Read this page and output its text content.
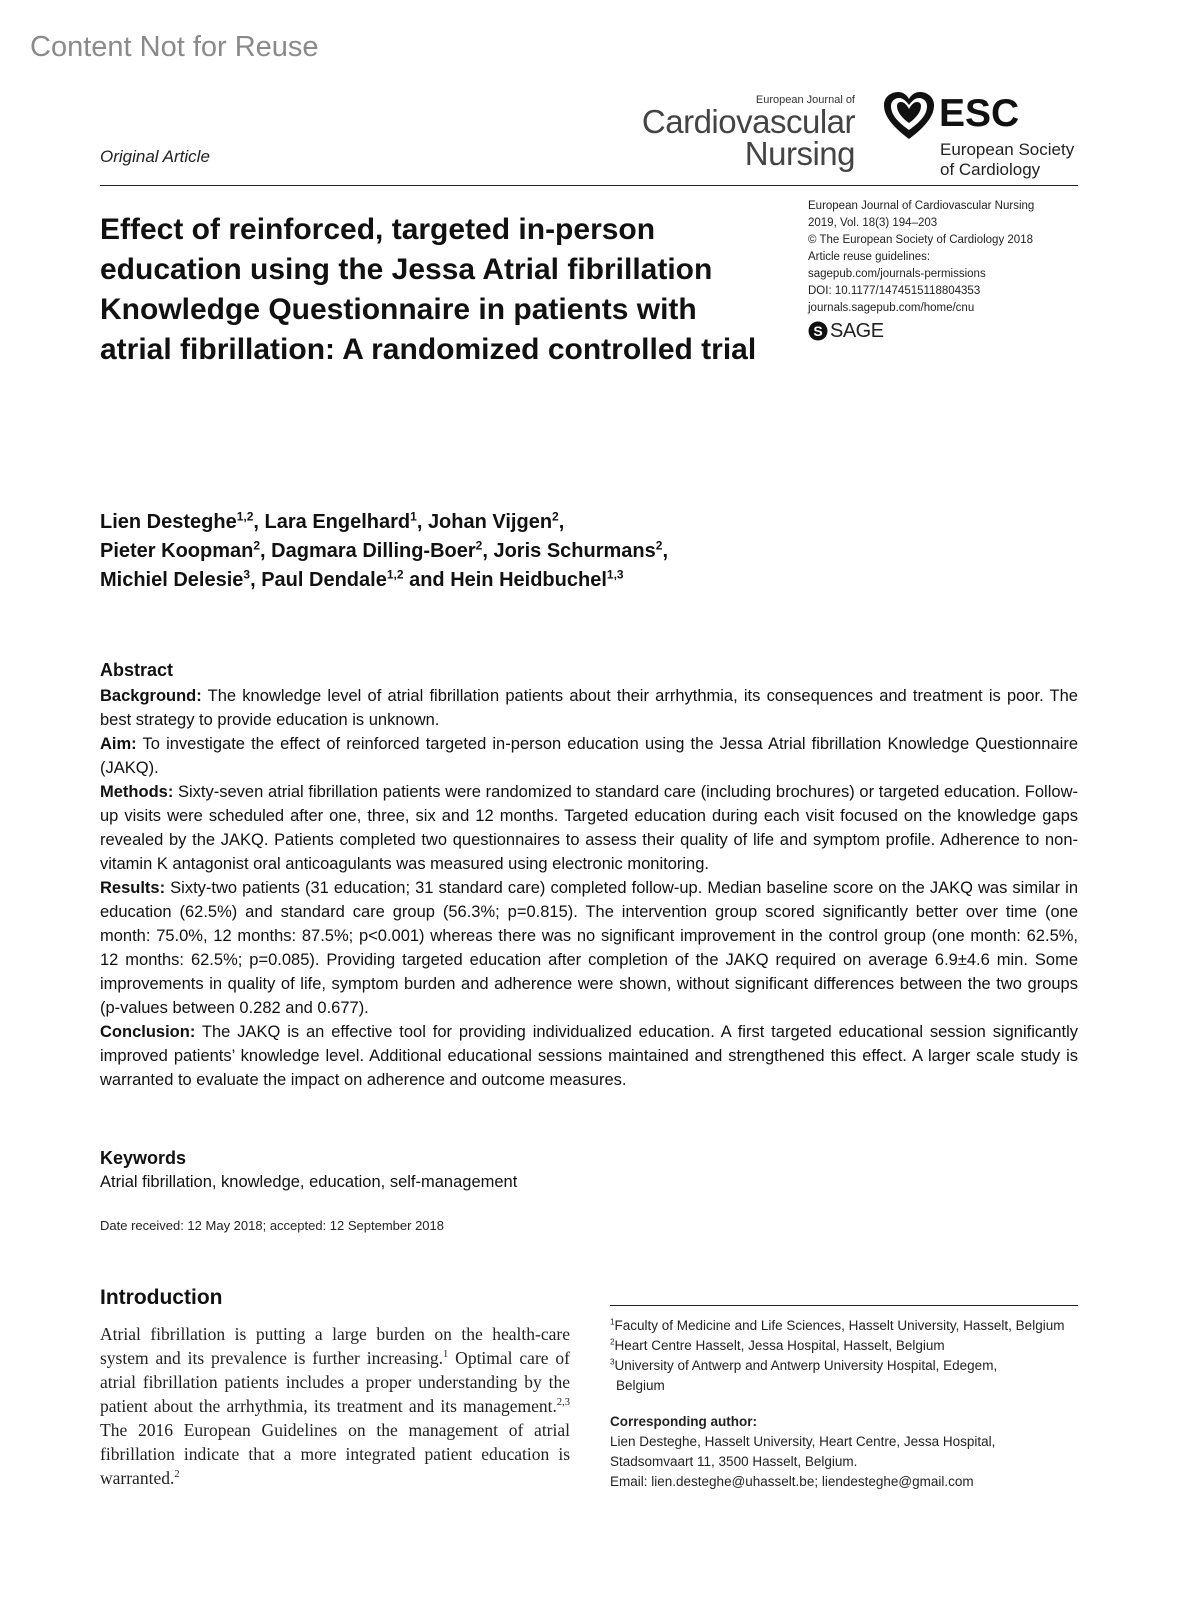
Content Not for Reuse
European Journal of
Cardiovascular
Nursing
ESC
European Society
of Cardiology
Original Article
European Journal of Cardiovascular Nursing
2019, Vol. 18(3) 194–203
© The European Society of Cardiology 2018
Article reuse guidelines:
sagepub.com/journals-permissions
DOI: 10.1177/1474515118804353
journals.sagepub.com/home/cnu
S SAGE
Effect of reinforced, targeted in-person education using the Jessa Atrial fibrillation Knowledge Questionnaire in patients with atrial fibrillation: A randomized controlled trial
Lien Desteghe$^{1,2}$, Lara Engelhard$^1$, Johan Vijgen$^2$,
Pieter Koopman$^2$, Dagmara Dilling-Boer$^2$, Joris Schurmans$^2$,
Michiel Delesie$^3$, Paul Dendale$^{1,2}$ and Hein Heidbuchel$^{1,3}$
Abstract

Background: The knowledge level of atrial fibrillation patients about their arrhythmia, its consequences and treatment is poor. The best strategy to provide education is unknown.

Aim: To investigate the effect of reinforced targeted in-person education using the Jessa Atrial fibrillation Knowledge Questionnaire (JAKQ).

Methods: Sixty-seven atrial fibrillation patients were randomized to standard care (including brochures) or targeted education. Follow-up visits were scheduled after one, three, six and 12 months. Targeted education during each visit focused on the knowledge gaps revealed by the JAKQ. Patients completed two questionnaires to assess their quality of life and symptom profile. Adherence to non-vitamin K antagonist oral anticoagulants was measured using electronic monitoring.

Results: Sixty-two patients (31 education; 31 standard care) completed follow-up. Median baseline score on the JAKQ was similar in education (62.5%) and standard care group (56.3%; p=0.815). The intervention group scored significantly better over time (one month: 75.0%, 12 months: 87.5%; p<0.001) whereas there was no significant improvement in the control group (one month: 62.5%, 12 months: 62.5%; p=0.085). Providing targeted education after completion of the JAKQ required on average 6.9±4.6 min. Some improvements in quality of life, symptom burden and adherence were shown, without significant differences between the two groups (p-values between 0.282 and 0.677).

Conclusion: The JAKQ is an effective tool for providing individualized education. A first targeted educational session significantly improved patients’ knowledge level. Additional educational sessions maintained and strengthened this effect. A larger scale study is warranted to evaluate the impact on adherence and outcome measures.

Keywords
Atrial fibrillation, knowledge, education, self-management
Date received: 12 May 2018; accepted: 12 September 2018
Introduction

Atrial fibrillation is putting a large burden on the health-care system and its prevalence is further increasing.$^1$ Optimal care of atrial fibrillation patients includes a proper understanding by the patient about the arrhythmia, its treatment and its management.$^{2,3}$ The 2016 European Guidelines on the management of atrial fibrillation indicate that a more integrated patient education is warranted.$^2$

$^1$Faculty of Medicine and Life Sciences, Hasselt University, Hasselt, Belgium
$^2$Heart Centre Hasselt, Jessa Hospital, Hasselt, Belgium
$^3$University of Antwerp and Antwerp University Hospital, Edegem,
Belgium
Corresponding author:
Lien Desteghe, Hasselt University, Heart Centre, Jessa Hospital,
Stadsomvaart 11, 3500 Hasselt, Belgium.
Email: lien.desteghe@uhasselt.be; liendesteghe@gmail.com
